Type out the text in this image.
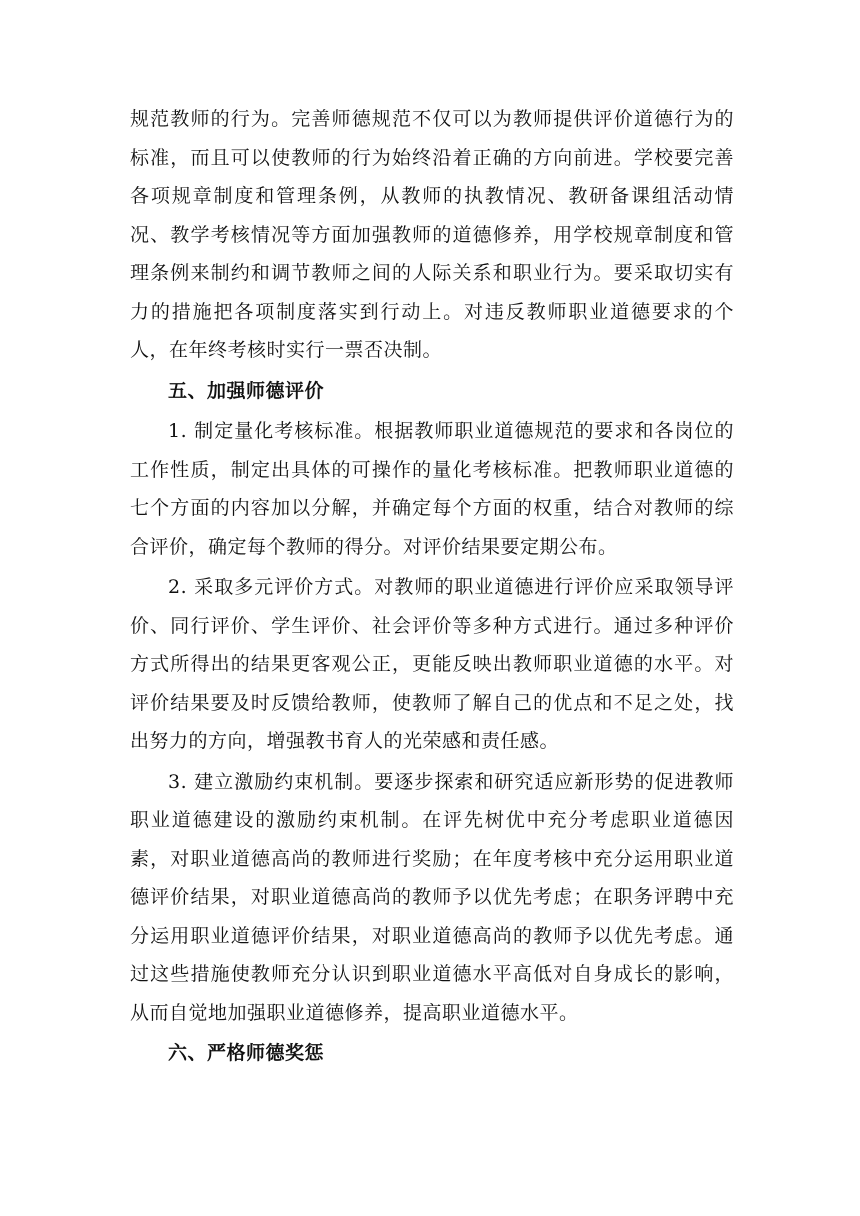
规范教师的行为。完善师德规范不仅可以为教师提供评价道德行为的标准，而且可以使教师的行为始终沿着正确的方向前进。学校要完善各项规章制度和管理条例，从教师的执教情况、教研备课组活动情况、教学考核情况等方面加强教师的道德修养，用学校规章制度和管理条例来制约和调节教师之间的人际关系和职业行为。要采取切实有力的措施把各项制度落实到行动上。对违反教师职业道德要求的个人，在年终考核时实行一票否决制。

五、加强师德评价

1. 制定量化考核标准。根据教师职业道德规范的要求和各岗位的工作性质，制定出具体的可操作的量化考核标准。把教师职业道德的七个方面的内容加以分解，并确定每个方面的权重，结合对教师的综合评价，确定每个教师的得分。对评价结果要定期公布。

2. 采取多元评价方式。对教师的职业道德进行评价应采取领导评价、同行评价、学生评价、社会评价等多种方式进行。通过多种评价方式所得出的结果更客观公正，更能反映出教师职业道德的水平。对评价结果要及时反馈给教师，使教师了解自己的优点和不足之处，找出努力的方向，增强教书育人的光荣感和责任感。

3. 建立激励约束机制。要逐步探索和研究适应新形势的促进教师职业道德建设的激励约束机制。在评先树优中充分考虑职业道德因素，对职业道德高尚的教师进行奖励；在年度考核中充分运用职业道德评价结果，对职业道德高尚的教师予以优先考虑；在职务评聘中充分运用职业道德评价结果，对职业道德高尚的教师予以优先考虑。通过这些措施使教师充分认识到职业道德水平高低对自身成长的影响，从而自觉地加强职业道德修养，提高职业道德水平。

六、严格师德奖惩
